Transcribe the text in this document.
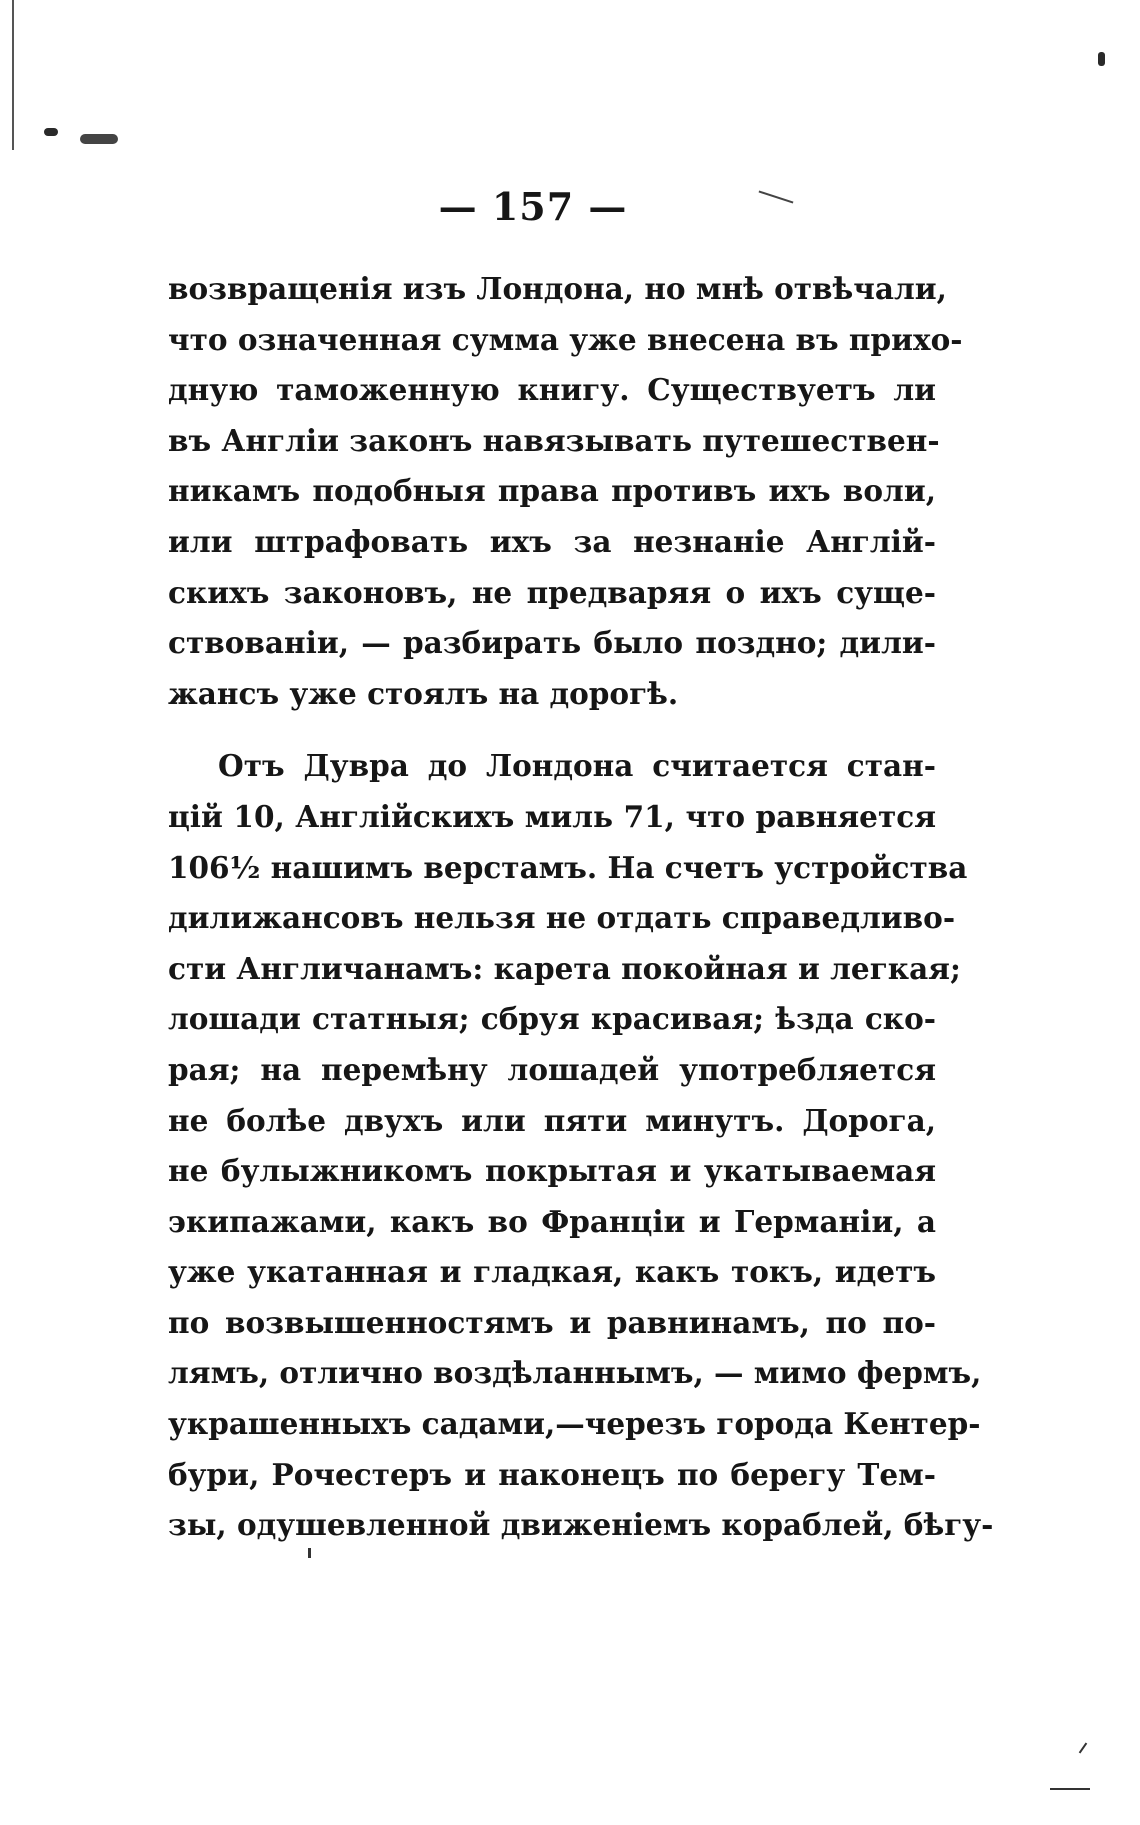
— 157 —
возвращенія изъ Лондона, но мнѣ отвѣчали,
что означенная сумма уже внесена въ прихо-
дную таможенную книгу. Существуетъ ли
въ Англіи законъ навязывать путешествен-
никамъ подобныя права противъ ихъ воли,
или штрафовать ихъ за незнаніе Англій-
скихъ законовъ, не предваряя о ихъ суще-
ствованіи, — разбирать было поздно; дили-
жансъ уже стоялъ на дорогѣ.
Отъ Дувра до Лондона считается стан-
цій 10, Англійскихъ миль 71, что равняется
106½ нашимъ верстамъ. На счетъ устройства
дилижансовъ нельзя не отдать справедливо-
сти Англичанамъ: карета покойная и легкая;
лошади статныя; сбруя красивая; ѣзда ско-
рая; на перемѣну лошадей употребляется
не болѣе двухъ или пяти минутъ. Дорога,
не булыжникомъ покрытая и укатываемая
экипажами, какъ во Франціи и Германіи, а
уже укатанная и гладкая, какъ токъ, идетъ
по возвышенностямъ и равнинамъ, по по-
лямъ, отлично воздѣланнымъ, — мимо фермъ,
украшенныхъ садами,—черезъ города Кентер-
бури, Рочестеръ и наконецъ по берегу Тем-
зы, одушевленной движеніемъ кораблей, бѣгу-
